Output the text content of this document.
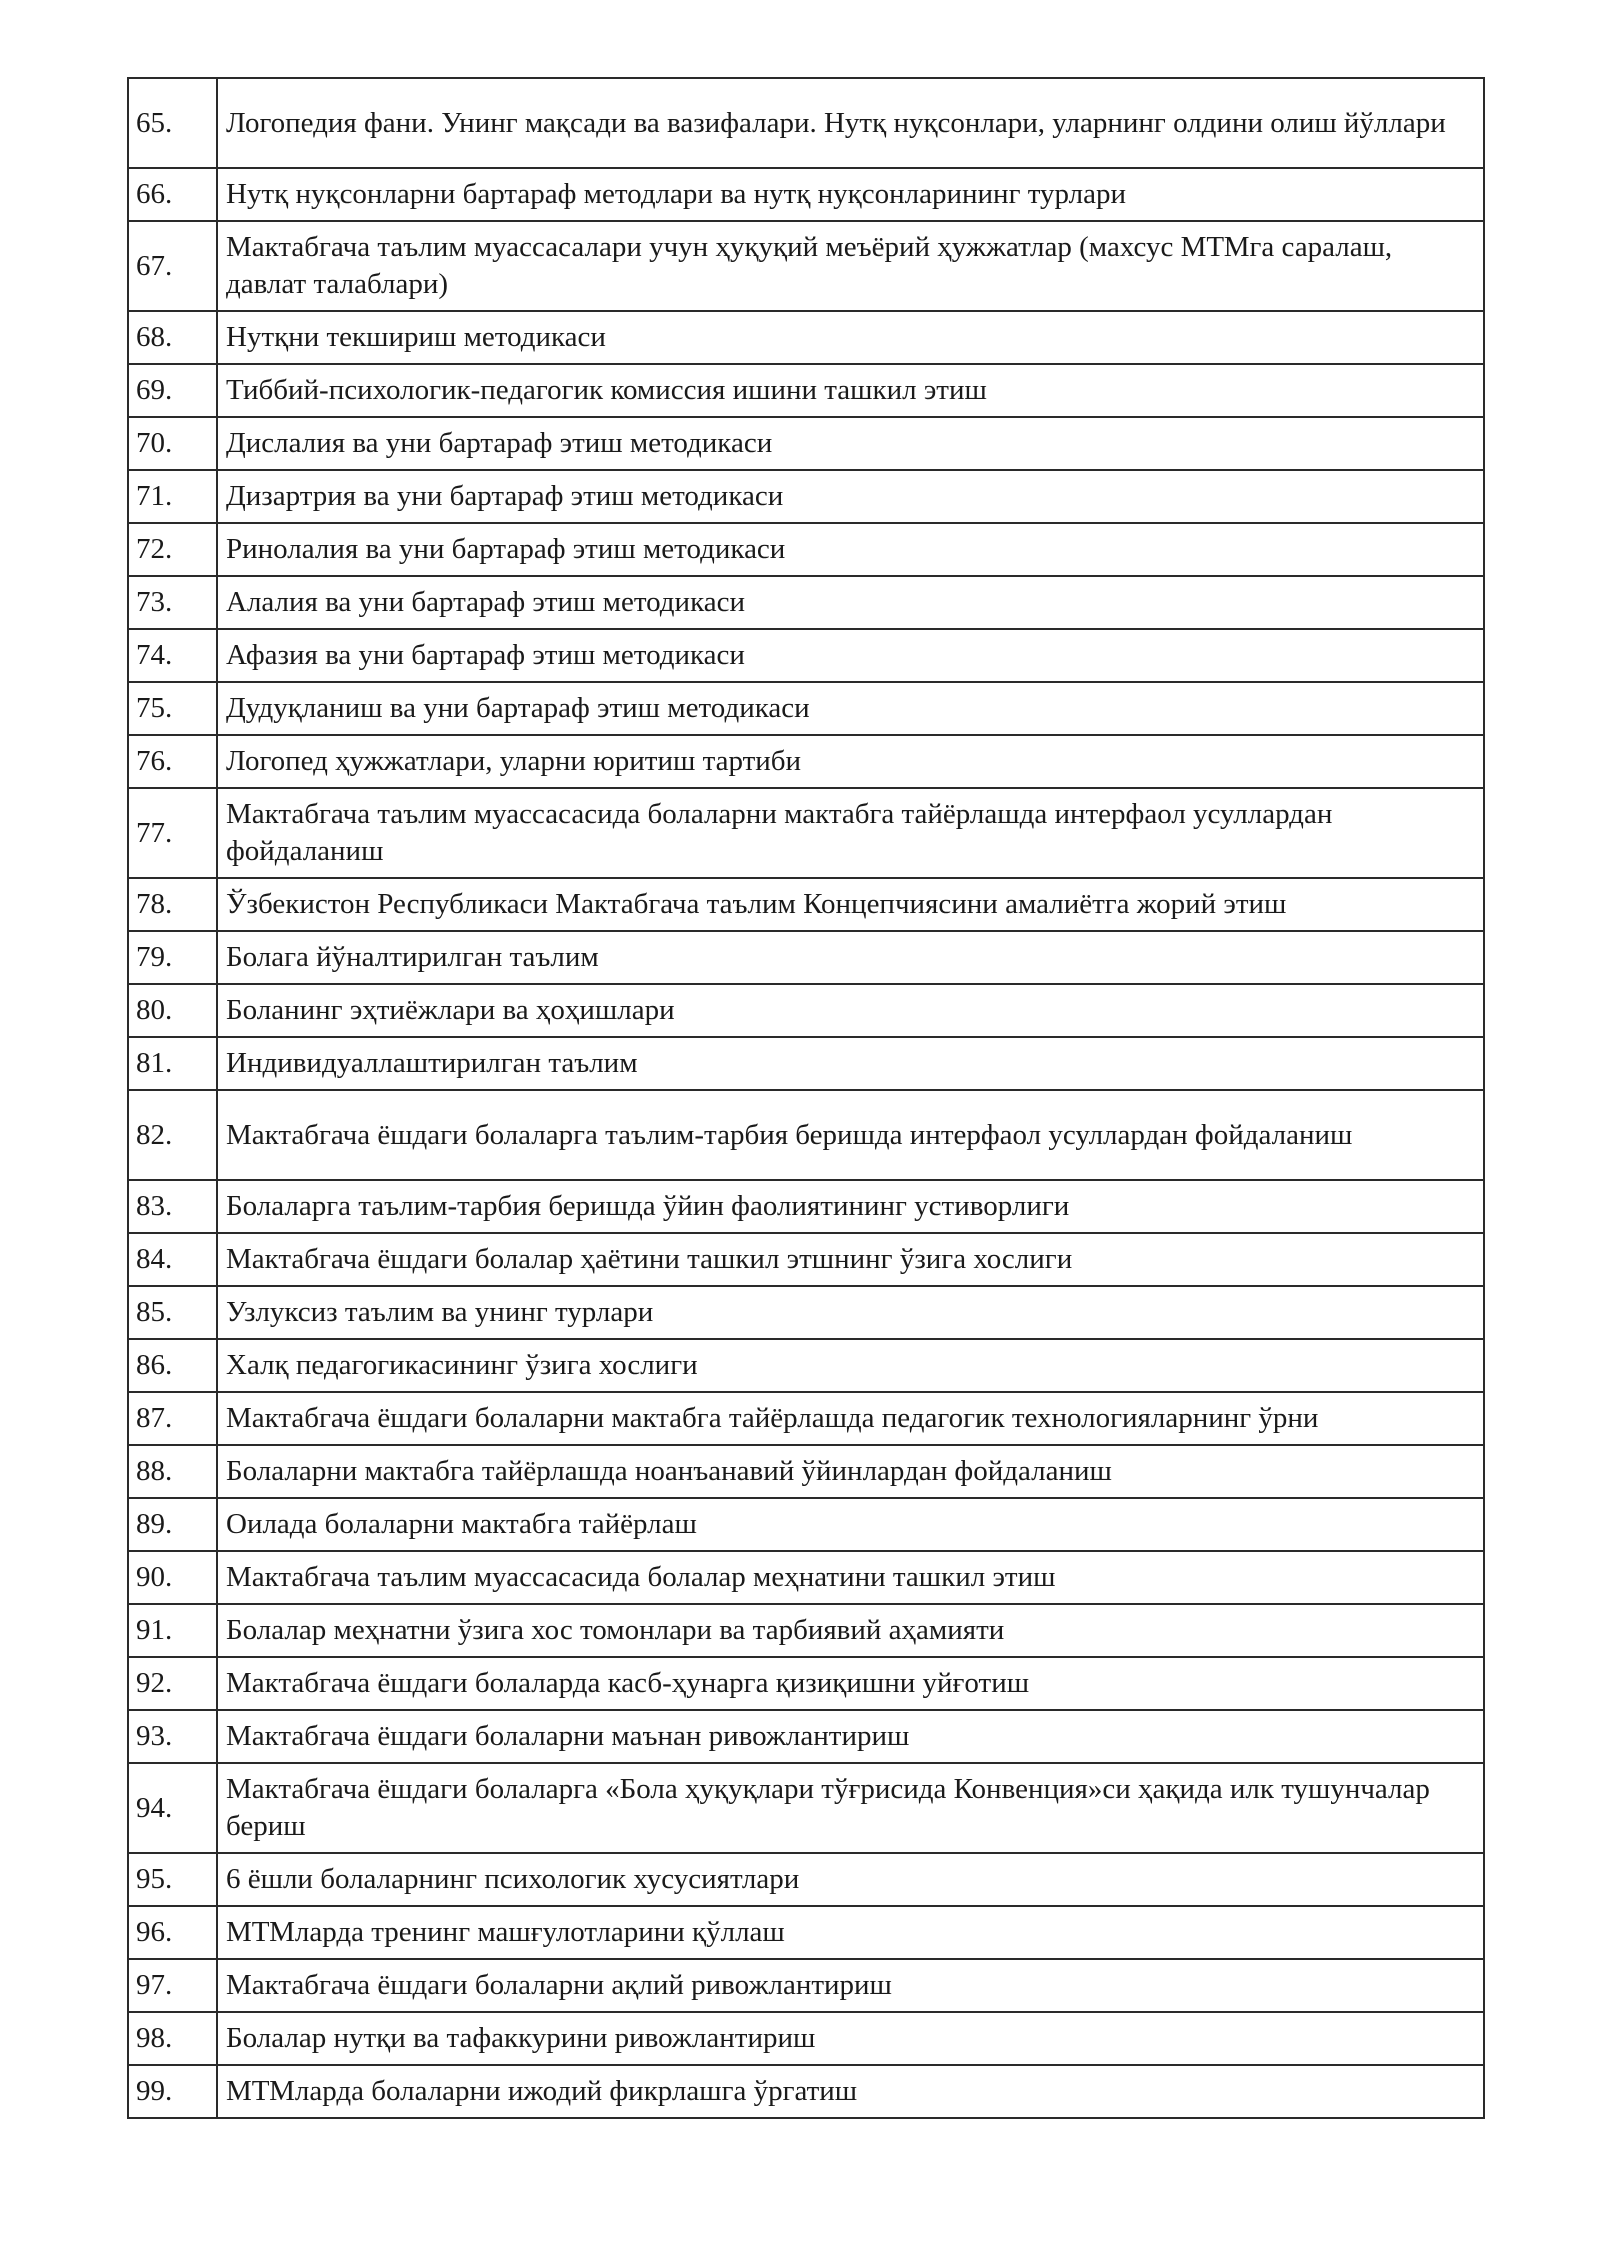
65.	Логопедия фани. Унинг мақсади ва вазифалари. Нутқ нуқсонлари, уларнинг олдини олиш йўллари
66.	Нутқ нуқсонларни бартараф методлари ва нутқ нуқсонларининг турлари
67.	Мактабгача таълим муассасалари учун ҳуқуқий меъёрий ҳужжатлар (махсус МТМга саралаш, давлат талаблари)
68.	Нутқни текшириш методикаси
69.	Тиббий-психологик-педагогик комиссия ишини ташкил этиш
70.	Дислалия ва уни бартараф этиш методикаси
71.	Дизартрия ва уни бартараф этиш методикаси
72.	Ринолалия ва уни бартараф этиш методикаси
73.	Алалия ва уни бартараф этиш методикаси
74.	Афазия ва уни бартараф этиш методикаси
75.	Дудуқланиш ва уни бартараф этиш методикаси
76.	Логопед ҳужжатлари, уларни юритиш тартиби
77.	Мактабгача таълим муассасасида болаларни мактабга тайёрлашда интерфаол усуллардан фойдаланиш
78.	Ўзбекистон Республикаси Мактабгача таълим Концепчиясини амалиётга жорий этиш
79.	Болага йўналтирилган таълим
80.	Боланинг эҳтиёжлари ва ҳоҳишлари
81.	Индивидуаллаштирилган таълим
82.	Мактабгача ёшдаги болаларга таълим-тарбия беришда интерфаол усуллардан фойдаланиш
83.	Болаларга таълим-тарбия беришда ўйин фаолиятининг устиворлиги
84.	Мактабгача ёшдаги болалар ҳаётини ташкил этшнинг ўзига хослиги
85.	Узлуксиз таълим ва унинг турлари
86.	Халқ педагогикасининг ўзига хослиги
87.	Мактабгача ёшдаги болаларни мактабга тайёрлашда педагогик технологияларнинг ўрни
88.	Болаларни мактабга тайёрлашда ноанъанавий ўйинлардан фойдаланиш
89.	Оилада болаларни мактабга тайёрлаш
90.	Мактабгача таълим муассасасида болалар меҳнатини ташкил этиш
91.	Болалар меҳнатни ўзига хос томонлари ва тарбиявий аҳамияти
92.	Мактабгача ёшдаги болаларда касб-ҳунарга қизиқишни уйғотиш
93.	Мактабгача ёшдаги болаларни маънан ривожлантириш
94.	Мактабгача ёшдаги болаларга «Бола ҳуқуқлари тўғрисида Конвенция»си ҳақида илк тушунчалар бериш
95.	6 ёшли болаларнинг психологик хусусиятлари
96.	МТМларда тренинг машғулотларини қўллаш
97.	Мактабгача ёшдаги болаларни ақлий ривожлантириш
98.	Болалар нутқи ва тафаккурини ривожлантириш
99.	МТМларда болаларни ижодий фикрлашга ўргатиш
